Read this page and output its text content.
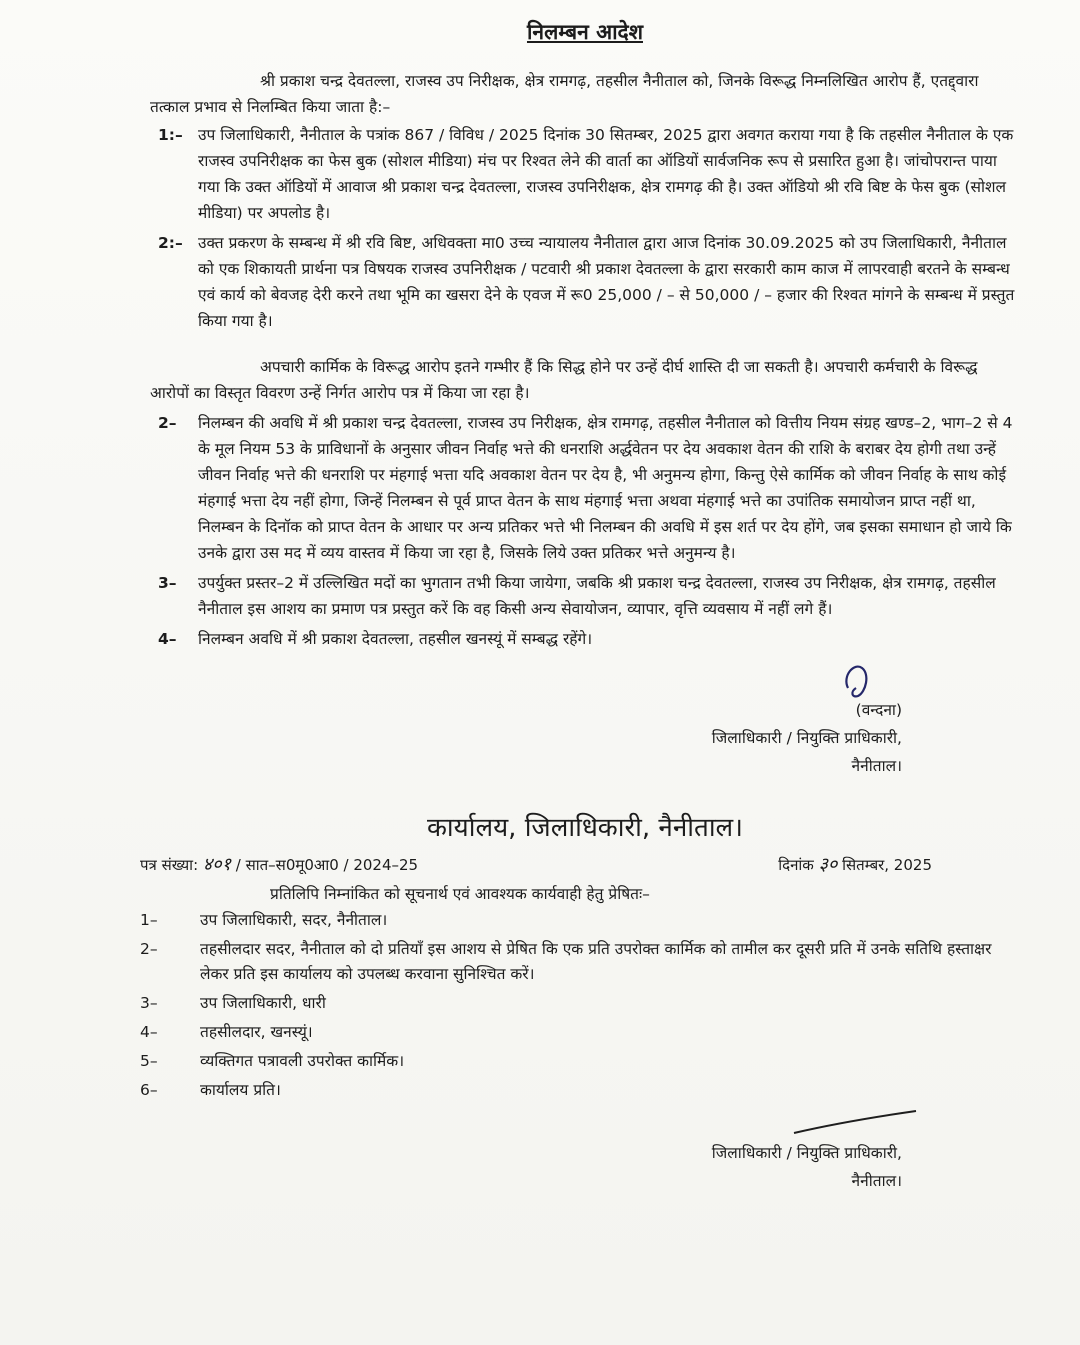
निलम्बन आदेश

श्री प्रकाश चन्द्र देवतल्ला, राजस्व उप निरीक्षक, क्षेत्र रामगढ़, तहसील नैनीताल को, जिनके विरूद्ध निम्नलिखित आरोप हैं, एतद्द्वारा तत्काल प्रभाव से निलम्बित किया जाता है:–

1:– उप जिलाधिकारी, नैनीताल के पत्रांक 867 / विविध / 2025 दिनांक 30 सितम्बर, 2025 द्वारा अवगत कराया गया है कि तहसील नैनीताल के एक राजस्व उपनिरीक्षक का फेस बुक (सोशल मीडिया) मंच पर रिश्वत लेने की वार्ता का ऑडियों सार्वजनिक रूप से प्रसारित हुआ है। जांचोपरान्त पाया गया कि उक्त ऑडियों में आवाज श्री प्रकाश चन्द्र देवतल्ला, राजस्व उपनिरीक्षक, क्षेत्र रामगढ़ की है। उक्त ऑडियो श्री रवि बिष्ट के फेस बुक (सोशल मीडिया) पर अपलोड है।
2:– उक्त प्रकरण के सम्बन्ध में श्री रवि बिष्ट, अधिवक्ता मा0 उच्च न्यायालय नैनीताल द्वारा आज दिनांक 30.09.2025 को उप जिलाधिकारी, नैनीताल को एक शिकायती प्रार्थना पत्र विषयक राजस्व उपनिरीक्षक / पटवारी श्री प्रकाश देवतल्ला के द्वारा सरकारी काम काज में लापरवाही बरतने के सम्बन्ध एवं कार्य को बेवजह देरी करने तथा भूमि का खसरा देने के एवज में रू0 25,000 / – से 50,000 / – हजार की रिश्वत मांगने के सम्बन्ध में प्रस्तुत किया गया है।

अपचारी कार्मिक के विरूद्ध आरोप इतने गम्भीर हैं कि सिद्ध होने पर उन्हें दीर्घ शास्ति दी जा सकती है। अपचारी कर्मचारी के विरूद्ध आरोपों का विस्तृत विवरण उन्हें निर्गत आरोप पत्र में किया जा रहा है।

2– निलम्बन की अवधि में श्री प्रकाश चन्द्र देवतल्ला, राजस्व उप निरीक्षक, क्षेत्र रामगढ़, तहसील नैनीताल को वित्तीय नियम संग्रह खण्ड–2, भाग–2 से 4 के मूल नियम 53 के प्राविधानों के अनुसार जीवन निर्वाह भत्ते की धनराशि अर्द्धवेतन पर देय अवकाश वेतन की राशि के बराबर देय होगी तथा उन्हें जीवन निर्वाह भत्ते की धनराशि पर मंहगाई भत्ता यदि अवकाश वेतन पर देय है, भी अनुमन्य होगा, किन्तु ऐसे कार्मिक को जीवन निर्वाह के साथ कोई मंहगाई भत्ता देय नहीं होगा, जिन्हें निलम्बन से पूर्व प्राप्त वेतन के साथ मंहगाई भत्ता अथवा मंहगाई भत्ते का उपांतिक समायोजन प्राप्त नहीं था, निलम्बन के दिनॉक को प्राप्त वेतन के आधार पर अन्य प्रतिकर भत्ते भी निलम्बन की अवधि में इस शर्त पर देय होंगे, जब इसका समाधान हो जाये कि उनके द्वारा उस मद में व्यय वास्तव में किया जा रहा है, जिसके लिये उक्त प्रतिकर भत्ते अनुमन्य है।
3– उपर्युक्त प्रस्तर–2 में उल्लिखित मदों का भुगतान तभी किया जायेगा, जबकि श्री प्रकाश चन्द्र देवतल्ला, राजस्व उप निरीक्षक, क्षेत्र रामगढ़, तहसील नैनीताल इस आशय का प्रमाण पत्र प्रस्तुत करें कि वह किसी अन्य सेवायोजन, व्यापार, वृत्ति व्यवसाय में नहीं लगे हैं।
4– निलम्बन अवधि में श्री प्रकाश देवतल्ला, तहसील खनस्यूं में सम्बद्ध रहेंगे।
(वन्दना)
जिलाधिकारी / नियुक्ति प्राधिकारी,
नैनीताल।
कार्यालय, जिलाधिकारी, नैनीताल।
पत्र संख्या: ४०१ / सात–स0मू0आ0 / 2024–25	दिनांक ३० सितम्बर, 2025

प्रतिलिपि निम्नांकित को सूचनार्थ एवं आवश्यक कार्यवाही हेतु प्रेषितः–

1–	उप जिलाधिकारी, सदर, नैनीताल।
2–	तहसीलदार सदर, नैनीताल को दो प्रतियॉं इस आशय से प्रेषित कि एक प्रति उपरोक्त कार्मिक को तामील कर दूसरी प्रति में उनके सतिथि हस्ताक्षर लेकर प्रति इस कार्यालय को उपलब्ध करवाना सुनिश्चित करें।
3–	उप जिलाधिकारी, धारी
4–	तहसीलदार, खनस्यूं।
5–	व्यक्तिगत पत्रावली उपरोक्त कार्मिक।
6–	कार्यालय प्रति।
जिलाधिकारी / नियुक्ति प्राधिकारी,
नैनीताल।
